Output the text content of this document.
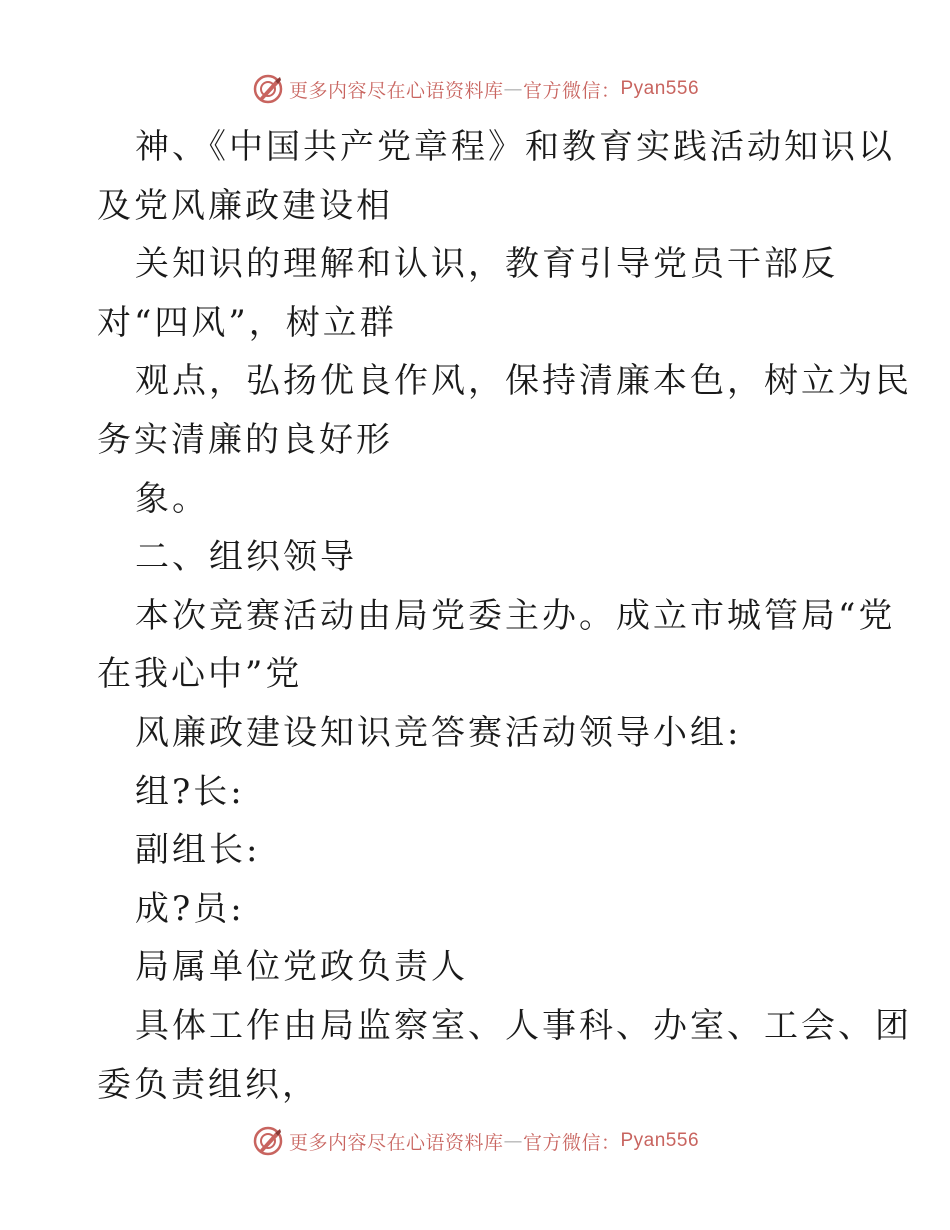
更多内容尽在心语资料库 — 官方微信： Pyan556
神、《中国共产党章程》和教育实践活动知识以
及党风廉政建设相
关知识的理解和认识，教育引导党员干部反
对“四风”，树立群
观点，弘扬优良作风，保持清廉本色，树立为民
务实清廉的良好形
象。
二、组织领导
本次竞赛活动由局党委主办。成立市城管局“党
在我心中”党
风廉政建设知识竞答赛活动领导小组:
组?长:
副组长:
成?员:
局属单位党政负责人
具体工作由局监察室、人事科、办室、工会、团
委负责组织，
更多内容尽在心语资料库 — 官方微信： Pyan556
